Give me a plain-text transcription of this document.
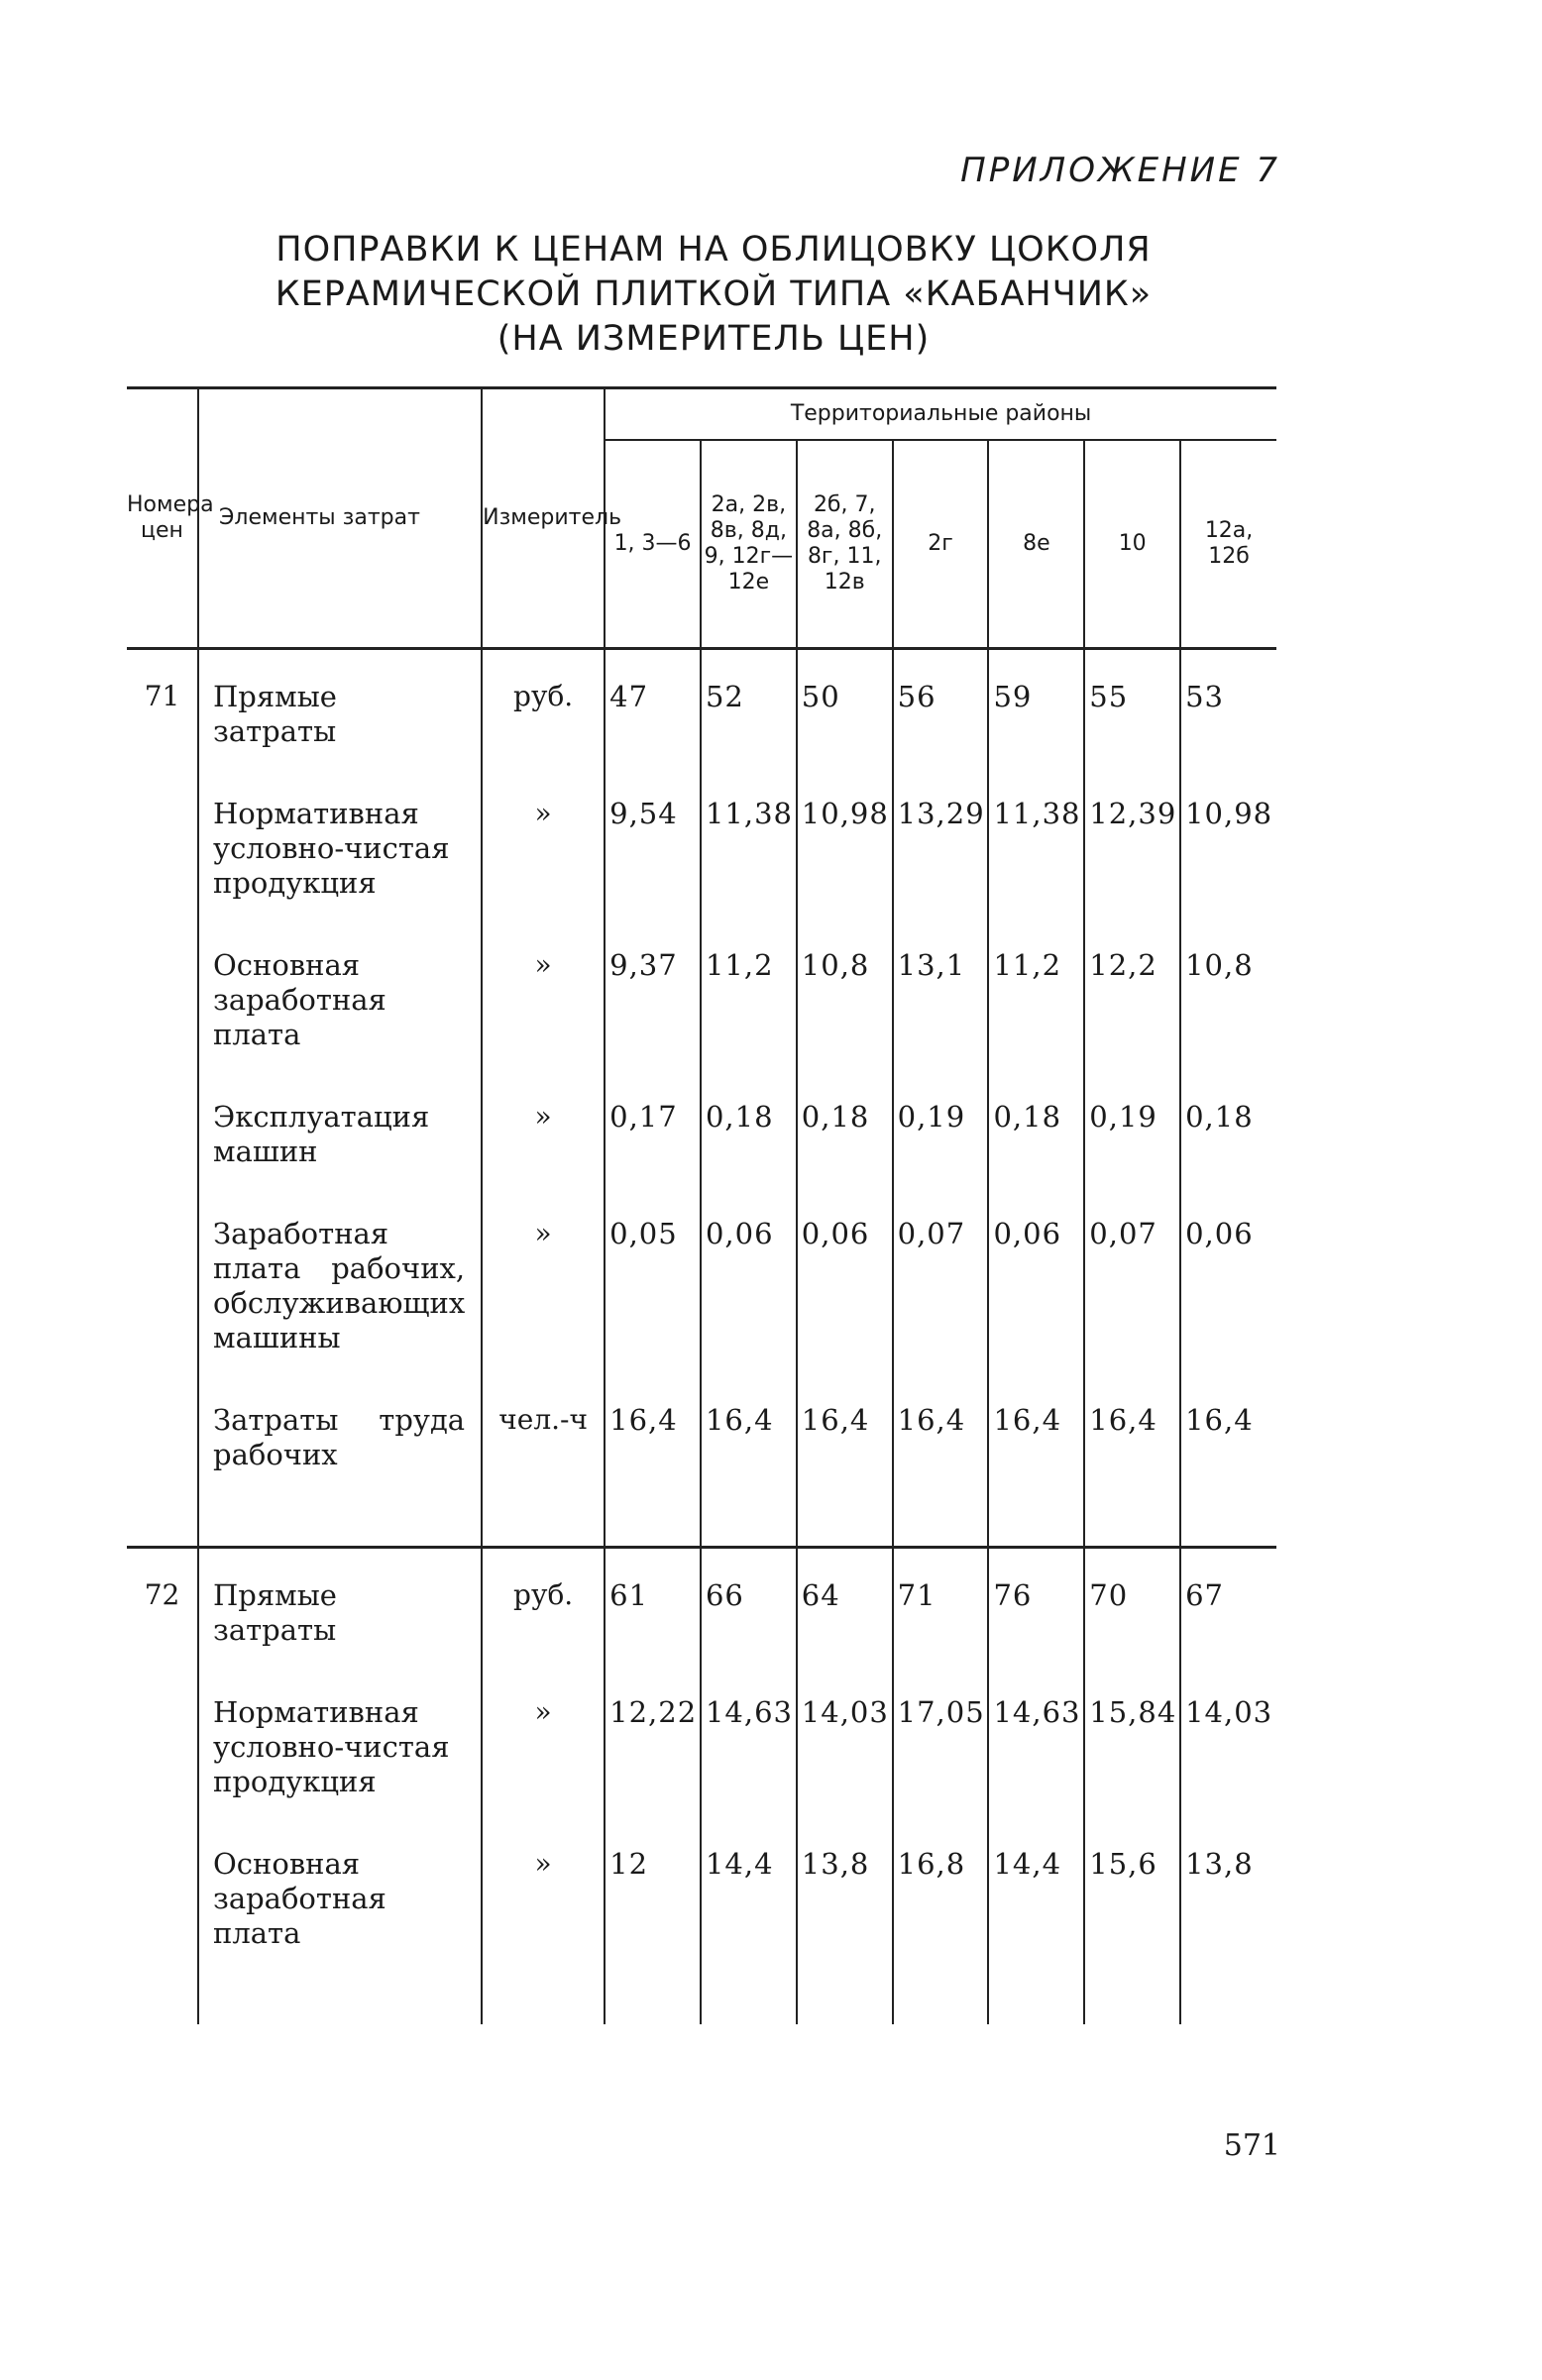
ПРИЛОЖЕНИЕ 7
ПОПРАВКИ К ЦЕНАМ НА ОБЛИЦОВКУ ЦОКОЛЯ
КЕРАМИЧЕСКОЙ ПЛИТКОЙ ТИПА «КАБАНЧИК»
(НА ИЗМЕРИТЕЛЬ ЦЕН)
Номера цен	Элементы затрат	Измеритель	Территориальные районы						
			1, 3—6	2а, 2в, 8в, 8д, 9, 12г— 12е	2б, 7, 8а, 8б, 8г, 11, 12в	2г	8е	10	12а, 12б
71	Прямые затраты	руб.	47	52	50	56	59	55	53
	Нормативная условно-чистая продукция	»	9,54	11,38	10,98	13,29	11,38	12,39	10,98
	Основная заработная плата	»	9,37	11,2	10,8	13,1	11,2	12,2	10,8
	Эксплуатация машин	»	0,17	0,18	0,18	0,19	0,18	0,19	0,18
	Заработная плата рабочих, обслуживающих машины	»	0,05	0,06	0,06	0,07	0,06	0,07	0,06
	Затраты труда рабочих	чел.-ч	16,4	16,4	16,4	16,4	16,4	16,4	16,4

72	Прямые затраты	руб.	61	66	64	71	76	70	67
	Нормативная условно-чистая продукция	»	12,22	14,63	14,03	17,05	14,63	15,84	14,03
	Основная заработная плата	»	12	14,4	13,8	16,8	14,4	15,6	13,8

571
